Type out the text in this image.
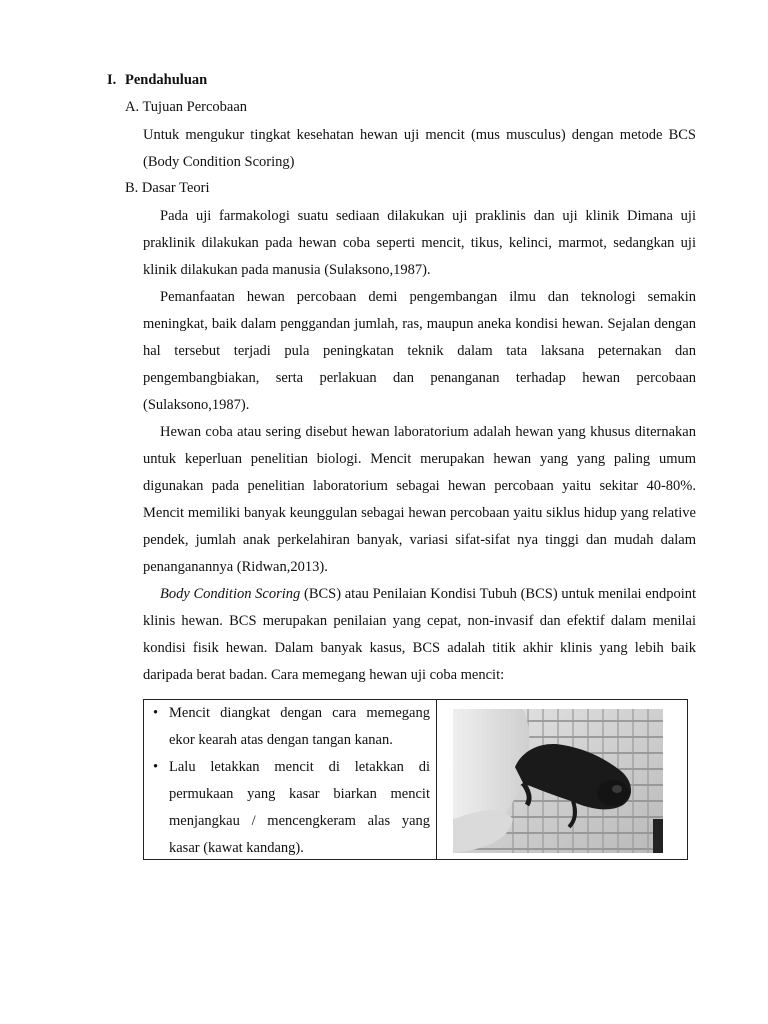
I. Pendahuluan
A. Tujuan Percobaan

Untuk mengukur tingkat kesehatan hewan uji mencit (mus musculus) dengan metode BCS (Body Condition Scoring)

B. Dasar Teori

Pada uji farmakologi suatu sediaan dilakukan uji praklinis dan uji klinik Dimana uji praklinik dilakukan pada hewan coba seperti mencit, tikus, kelinci, marmot, sedangkan uji klinik dilakukan pada manusia (Sulaksono,1987).

Pemanfaatan hewan percobaan demi pengembangan ilmu dan teknologi semakin meningkat, baik dalam penggandan jumlah, ras, maupun aneka kondisi hewan. Sejalan dengan hal tersebut terjadi pula peningkatan teknik dalam tata laksana peternakan dan pengembangbiakan, serta perlakuan dan penanganan terhadap hewan percobaan (Sulaksono,1987).

Hewan coba atau sering disebut hewan laboratorium adalah hewan yang khusus diternakan untuk keperluan penelitian biologi. Mencit merupakan hewan yang yang paling umum digunakan pada penelitian laboratorium sebagai hewan percobaan yaitu sekitar 40-80%. Mencit memiliki banyak keunggulan sebagai hewan percobaan yaitu siklus hidup yang relative pendek, jumlah anak perkelahiran banyak, variasi sifat-sifat nya tinggi dan mudah dalam penanganannya (Ridwan,2013).

Body Condition Scoring (BCS) atau Penilaian Kondisi Tubuh (BCS) untuk menilai endpoint klinis hewan. BCS merupakan penilaian yang cepat, non-invasif dan efektif dalam menilai kondisi fisik hewan. Dalam banyak kasus, BCS adalah titik akhir klinis yang lebih baik daripada berat badan. Cara memegang hewan uji coba mencit:

• Mencit diangkat dengan cara memegang ekor kearah atas dengan tangan kanan.
• Lalu letakkan mencit di letakkan di permukaan yang kasar biarkan mencit menjangkau / mencengkeram alas yang kasar (kawat kandang).
